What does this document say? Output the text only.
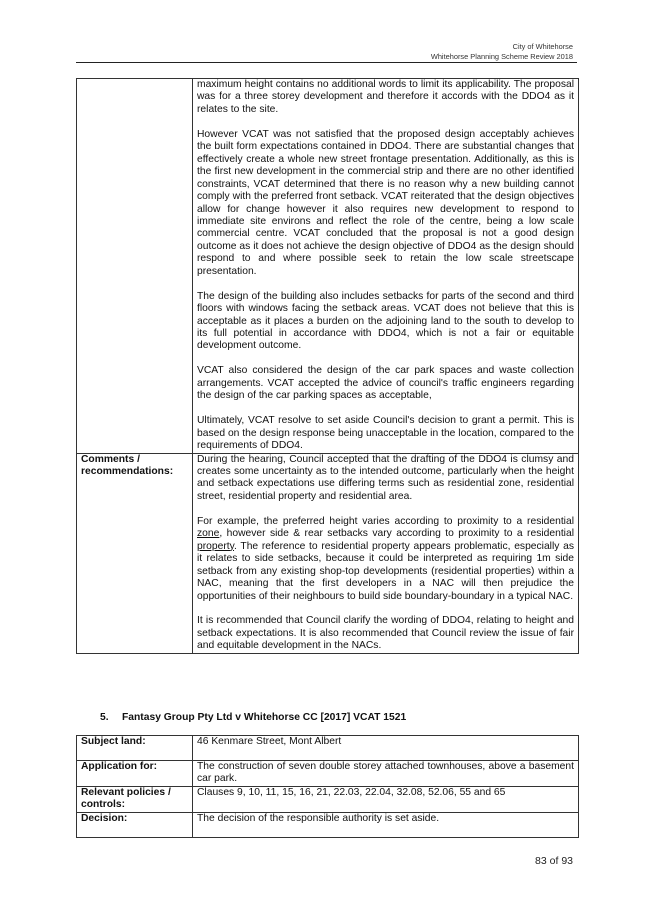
City of Whitehorse
Whitehorse Planning Scheme Review 2018

	maximum height contains no additional words to limit its applicability. The proposal was for a three storey development and therefore it accords with the DDO4 as it relates to the site.

However VCAT was not satisfied that the proposed design acceptably achieves the built form expectations contained in DDO4. There are substantial changes that effectively create a whole new street frontage presentation. Additionally, as this is the first new development in the commercial strip and there are no other identified constraints, VCAT determined that there is no reason why a new building cannot comply with the preferred front setback. VCAT reiterated that the design objectives allow for change however it also requires new development to respond to immediate site environs and reflect the role of the centre, being a low scale commercial centre. VCAT concluded that the proposal is not a good design outcome as it does not achieve the design objective of DDO4 as the design should respond to and where possible seek to retain the low scale streetscape presentation.

The design of the building also includes setbacks for parts of the second and third floors with windows facing the setback areas. VCAT does not believe that this is acceptable as it places a burden on the adjoining land to the south to develop to its full potential in accordance with DDO4, which is not a fair or equitable development outcome.

VCAT also considered the design of the car park spaces and waste collection arrangements. VCAT accepted the advice of council's traffic engineers regarding the design of the car parking spaces as acceptable,

Ultimately, VCAT resolve to set aside Council's decision to grant a permit. This is based on the design response being unacceptable in the location, compared to the requirements of DDO4.

Comments / recommendations:	During the hearing, Council accepted that the drafting of the DDO4 is clumsy and creates some uncertainty as to the intended outcome, particularly when the height and setback expectations use differing terms such as residential zone, residential street, residential property and residential area.

For example, the preferred height varies according to proximity to a residential zone, however side & rear setbacks vary according to proximity to a residential property. The reference to residential property appears problematic, especially as it relates to side setbacks, because it could be interpreted as requiring 1m side setback from any existing shop-top developments (residential properties) within a NAC, meaning that the first developers in a NAC will then prejudice the opportunities of their neighbours to build side boundary-boundary in a typical NAC.

It is recommended that Council clarify the wording of DDO4, relating to height and setback expectations. It is also recommended that Council review the issue of fair and equitable development in the NACs.

5. Fantasy Group Pty Ltd v Whitehorse CC [2017] VCAT 1521
Subject land:	46 Kenmare Street, Mont Albert
Application for:	The construction of seven double storey attached townhouses, above a basement car park.
Relevant policies / controls:	Clauses 9, 10, 11, 15, 16, 21, 22.03, 22.04, 32.08, 52.06, 55 and 65
Decision:	The decision of the responsible authority is set aside.
83 of 93
